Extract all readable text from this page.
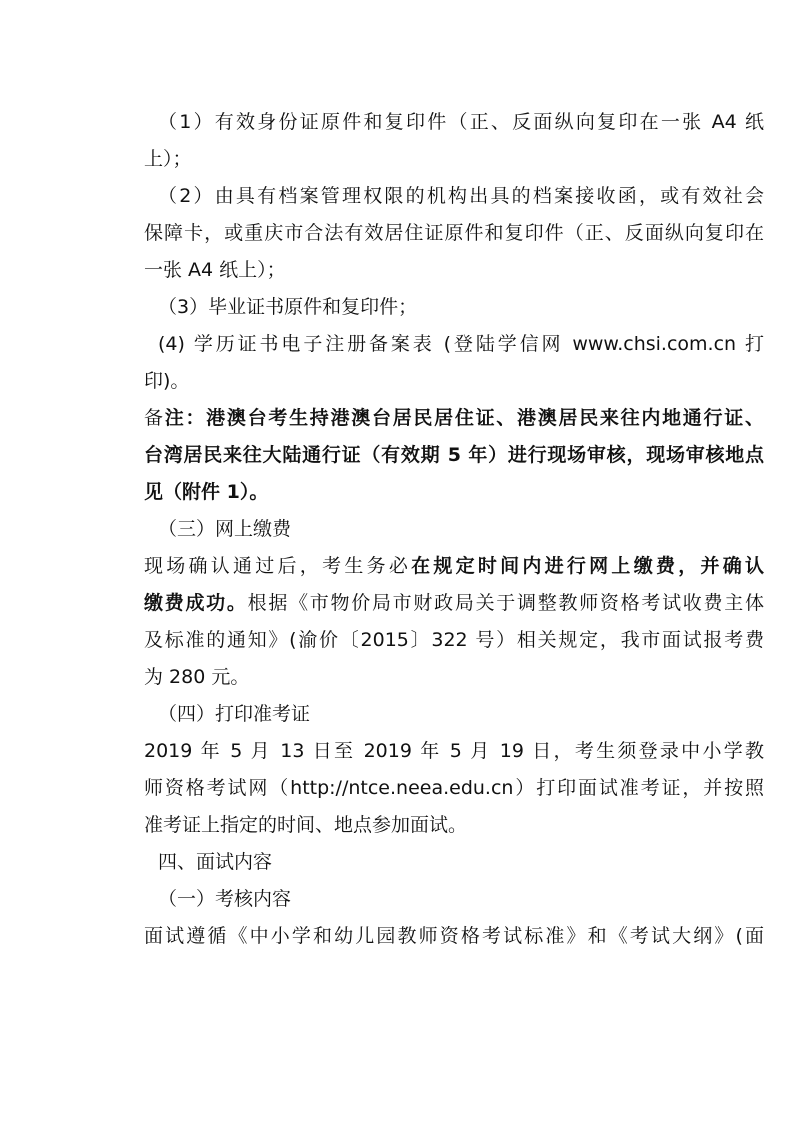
（1）有效身份证原件和复印件（正、反面纵向复印在一张 A4 纸
上）；
（2）由具有档案管理权限的机构出具的档案接收函，或有效社会
保障卡，或重庆市合法有效居住证原件和复印件（正、反面纵向复印在
一张 A4 纸上）；
（3）毕业证书原件和复印件；
(4) 学历证书电子注册备案表 (登陆学信网 www.chsi.com.cn 打
印)。
备注：港澳台考生持港澳台居民居住证、港澳居民来往内地通行证、
台湾居民来往大陆通行证（有效期 5 年）进行现场审核，现场审核地点
见（附件 1）。
（三）网上缴费
现场确认通过后，考生务必在规定时间内进行网上缴费，并确认
缴费成功。根据《市物价局市财政局关于调整教师资格考试收费主体
及标准的通知》(渝价〔2015〕322 号）相关规定，我市面试报考费
为 280 元。
（四）打印准考证
2019 年 5 月 13 日至 2019 年 5 月 19 日，考生须登录中小学教
师资格考试网（http://ntce.neea.edu.cn）打印面试准考证，并按照
准考证上指定的时间、地点参加面试。
四、面试内容
（一）考核内容
面试遵循《中小学和幼儿园教师资格考试标准》和《考试大纲》(面
